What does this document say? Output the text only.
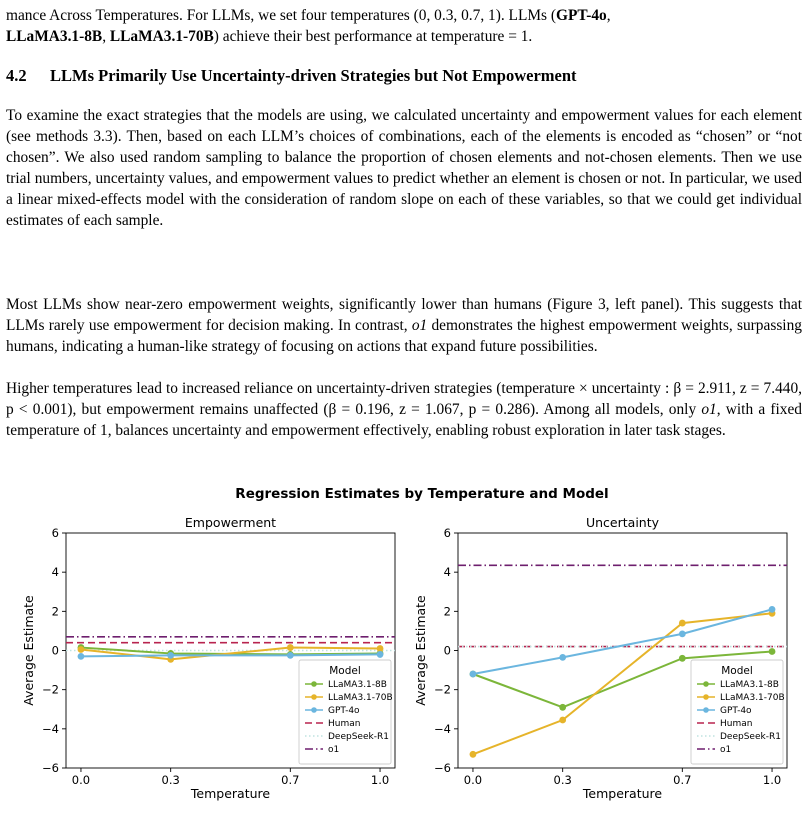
mance Across Temperatures. For LLMs, we set four temperatures (0, 0.3, 0.7, 1). LLMs (GPT-4o,
LLaMA3.1-8B, LLaMA3.1-70B) achieve their best performance at temperature = 1.

4.2 LLMs Primarily Use Uncertainty-driven Strategies but Not Empowerment

To examine the exact strategies that the models are using, we calculated uncertainty and empowerment values for each element (see methods 3.3). Then, based on each LLM’s choices of combinations, each of the elements is encoded as “chosen” or “not chosen”. We also used random sampling to balance the proportion of chosen elements and not-chosen elements. Then we use trial numbers, uncertainty values, and empowerment values to predict whether an element is chosen or not. In particular, we used a linear mixed-effects model with the consideration of random slope on each of these variables, so that we could get individual estimates of each sample.

Most LLMs show near-zero empowerment weights, significantly lower than humans (Figure 3, left panel). This suggests that LLMs rarely use empowerment for decision making. In contrast, o1 demonstrates the highest empowerment weights, surpassing humans, indicating a human-like strategy of focusing on actions that expand future possibilities.

Higher temperatures lead to increased reliance on uncertainty-driven strategies (temperature × uncertainty : β = 2.911, z = 7.440, p < 0.001), but empowerment remains unaffected (β = 0.196, z = 1.067, p = 0.286). Among all models, only o1, with a fixed temperature of 1, balances uncertainty and empowerment effectively, enabling robust exploration in later task stages.

Regression Estimates by Temperature and Model
Empowerment
−6
−4
−2
0
2
4
6
0.0	0.3	0.7	1.0
Temperature
Average Estimate	Model
LLaMA3.1-8B
LLaMA3.1-70B
GPT-4o
Human
DeepSeek-R1
o1
Uncertainty
−6
−4
−2
0
2
4
6
0.0	0.3	0.7	1.0
Temperature
Average Estimate	Model
LLaMA3.1-8B
LLaMA3.1-70B
GPT-4o
Human
DeepSeek-R1
o1
